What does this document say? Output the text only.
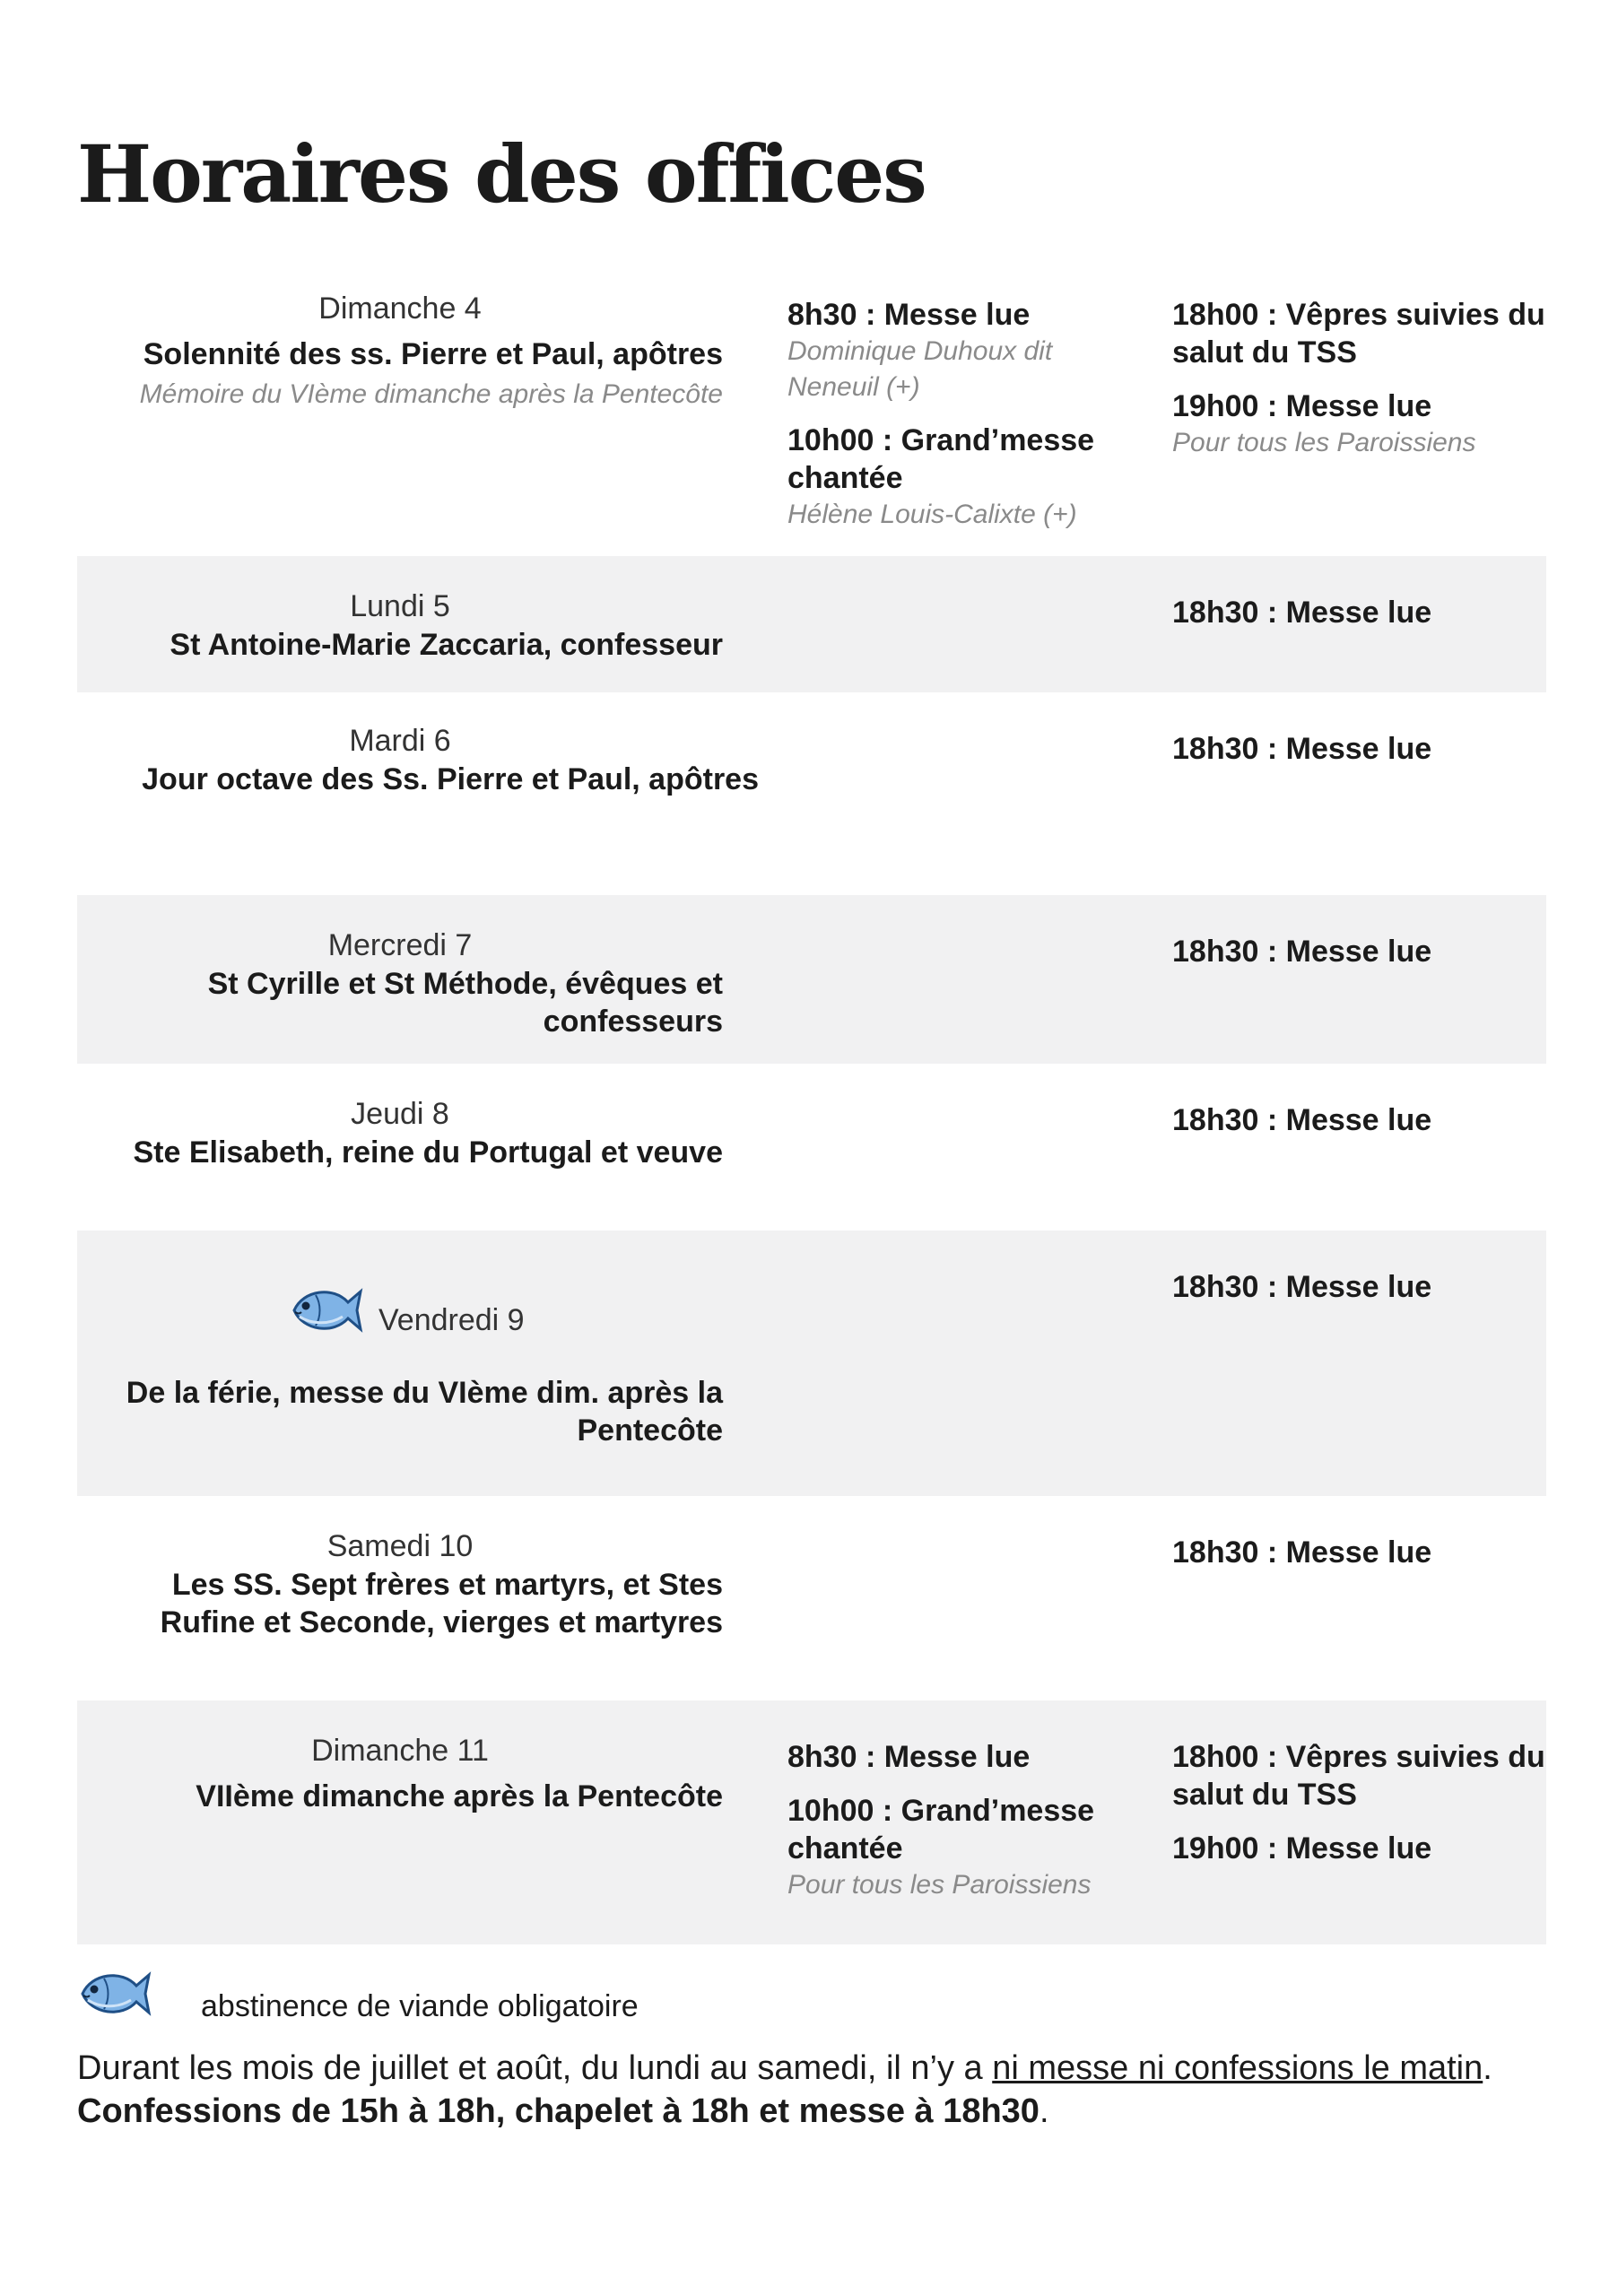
Horaires des offices
Dimanche 4
Solennité des ss. Pierre et Paul, apôtres
Mémoire du VIème dimanche après la Pentecôte
8h30 : Messe lue
Dominique Duhoux dit Neneuil (+)
10h00 : Grand’messe chantée
Hélène Louis-Calixte (+)
18h00 : Vêpres suivies du salut du TSS
19h00 : Messe lue
Pour tous les Paroissiens
Lundi 5
St Antoine-Marie Zaccaria, confesseur
18h30 : Messe lue
Mardi 6
Jour octave des Ss. Pierre et Paul, apôtres
18h30 : Messe lue
Mercredi 7
St Cyrille et St Méthode, évêques et confesseurs
18h30 : Messe lue
Jeudi 8
Ste Elisabeth, reine du Portugal et veuve
18h30 : Messe lue
Vendredi 9
De la férie, messe du VIème dim. après la Pentecôte
18h30 : Messe lue
Samedi 10
Les SS. Sept frères et martyrs, et Stes Rufine et Seconde, vierges et martyres
18h30 : Messe lue
Dimanche 11
VIIème dimanche après la Pentecôte
8h30 : Messe lue
10h00 : Grand’messe chantée
Pour tous les Paroissiens
18h00 : Vêpres suivies du salut du TSS
19h00 : Messe lue
abstinence de viande obligatoire
Durant les mois de juillet et août, du lundi au samedi, il n’y a ni messe ni confessions le matin.
Confessions de 15h à 18h, chapelet à 18h et messe à 18h30.
